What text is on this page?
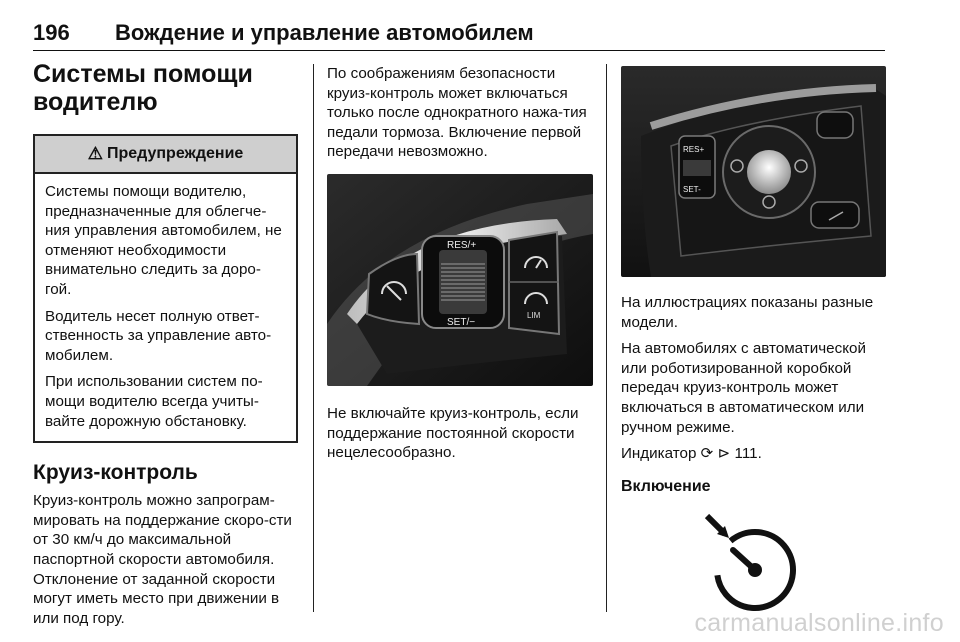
196 Вождение и управление автомобилем
Системы помощи водителю
⚠ Предупреждение

Системы помощи водителю, предназначенные для облегче-ния управления автомобилем, не отменяют необходимости внимательно следить за доро-гой.

Водитель несет полную ответ-ственность за управление авто-мобилем.

При использовании систем по-мощи водителю всегда учиты-вайте дорожную обстановку.

Круиз-контроль

Круиз-контроль можно запрограм-мировать на поддержание скоро-сти от 30 км/ч до максимальной паспортной скорости автомобиля. Отклонение от заданной скорости могут иметь место при движении в или под гору.

По соображениям безопасности круиз-контроль может включаться только после однократного нажа-тия педали тормоза. Включение первой передачи невозможно.

RES/+
SET/−
LIM

Не включайте круиз-контроль, если поддержание постоянной скорости нецелесообразно.

RES+
SET-

На иллюстрациях показаны разные модели.

На автомобилях с автоматической или роботизированной коробкой передач круиз-контроль может включаться в автоматическом или ручном режиме.

Индикатор ⟳ ⊳ 111.

Включение
carmanualsonline.info
